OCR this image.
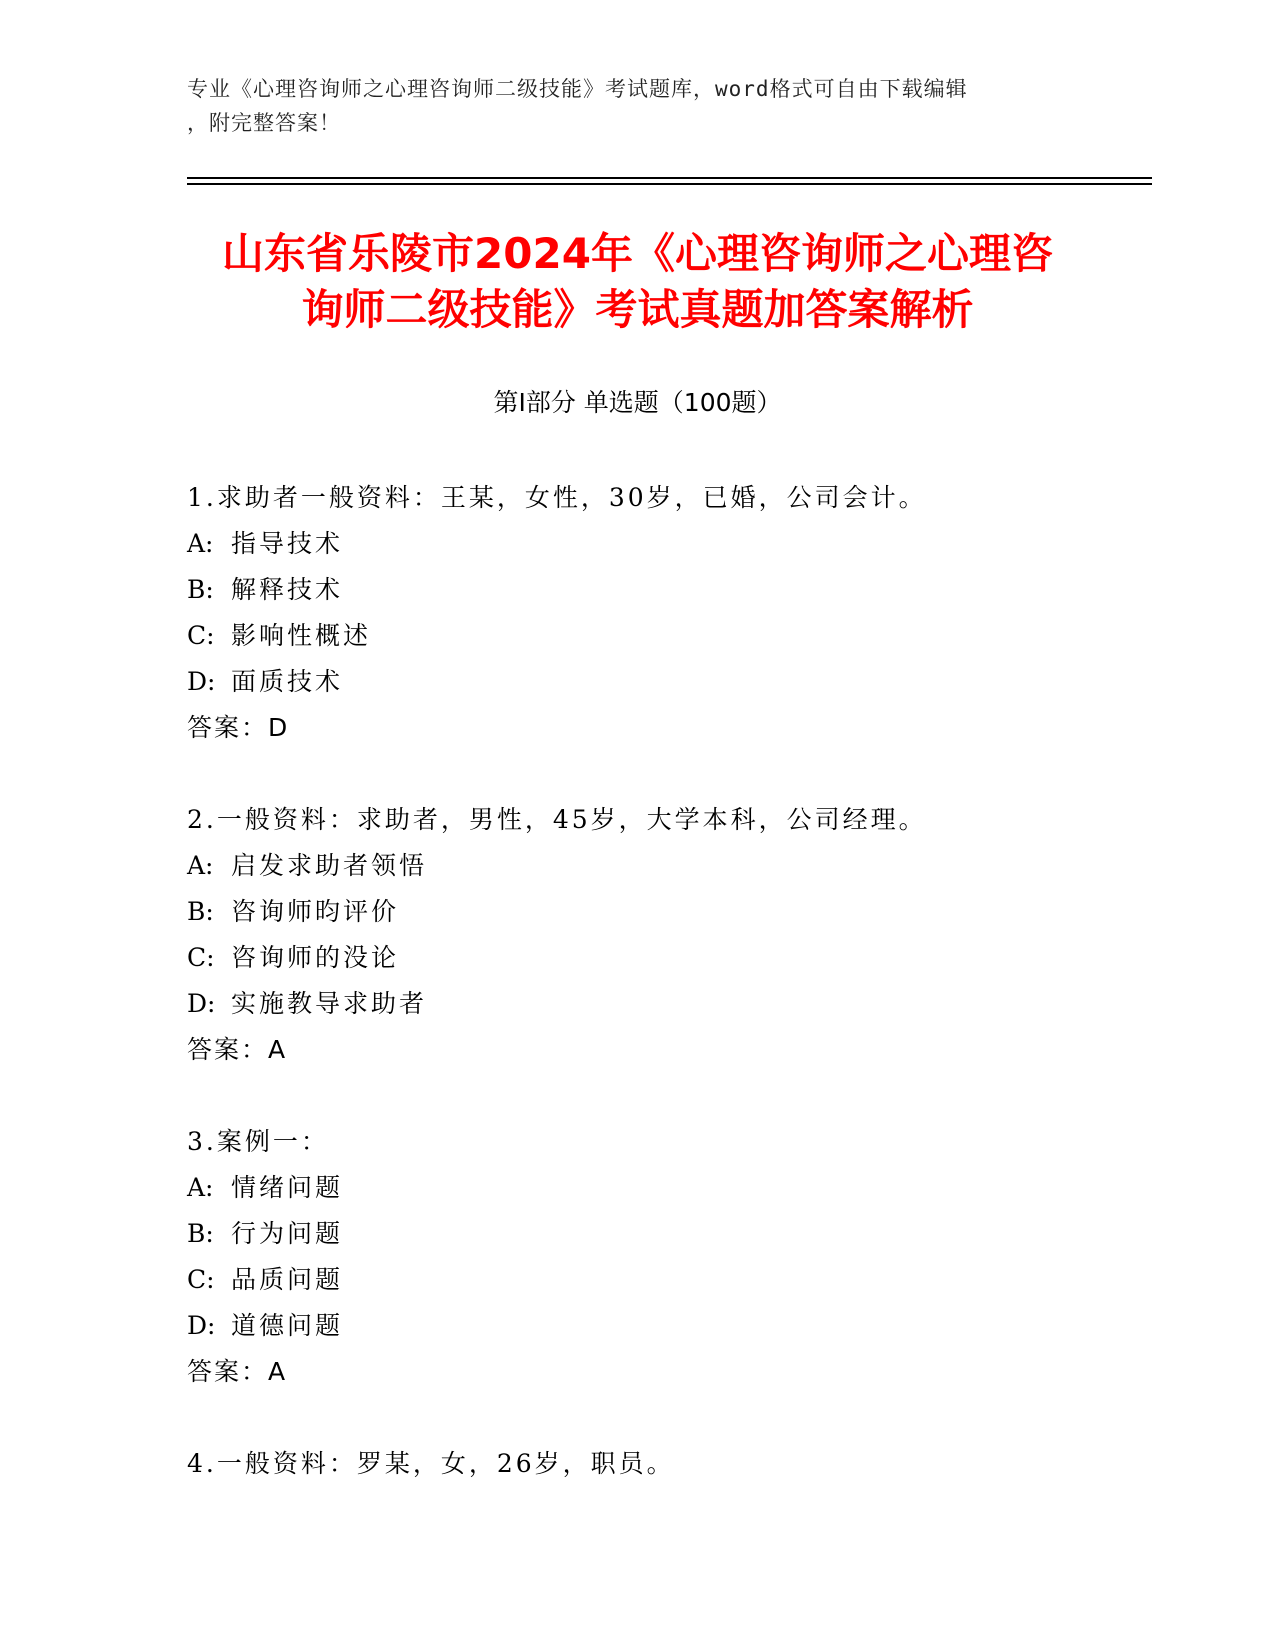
专业《心理咨询师之心理咨询师二级技能》考试题库，word格式可自由下载编辑
，附完整答案！
山东省乐陵市2024年《心理咨询师之心理咨
询师二级技能》考试真题加答案解析
第Ⅰ部分 单选题（100题）
1.求助者一般资料：王某，女性，30岁，已婚，公司会计。
A: 指导技术
B: 解释技术
C: 影响性概述
D: 面质技术
答案：D
2.一般资料：求助者，男性，45岁，大学本科，公司经理。
A: 启发求助者领悟
B: 咨询师昀评价
C: 咨询师的没论
D: 实施教导求助者
答案：A
3.案例一：
A: 情绪问题
B: 行为问题
C: 品质问题
D: 道德问题
答案：A
4.一般资料：罗某，女，26岁，职员。
